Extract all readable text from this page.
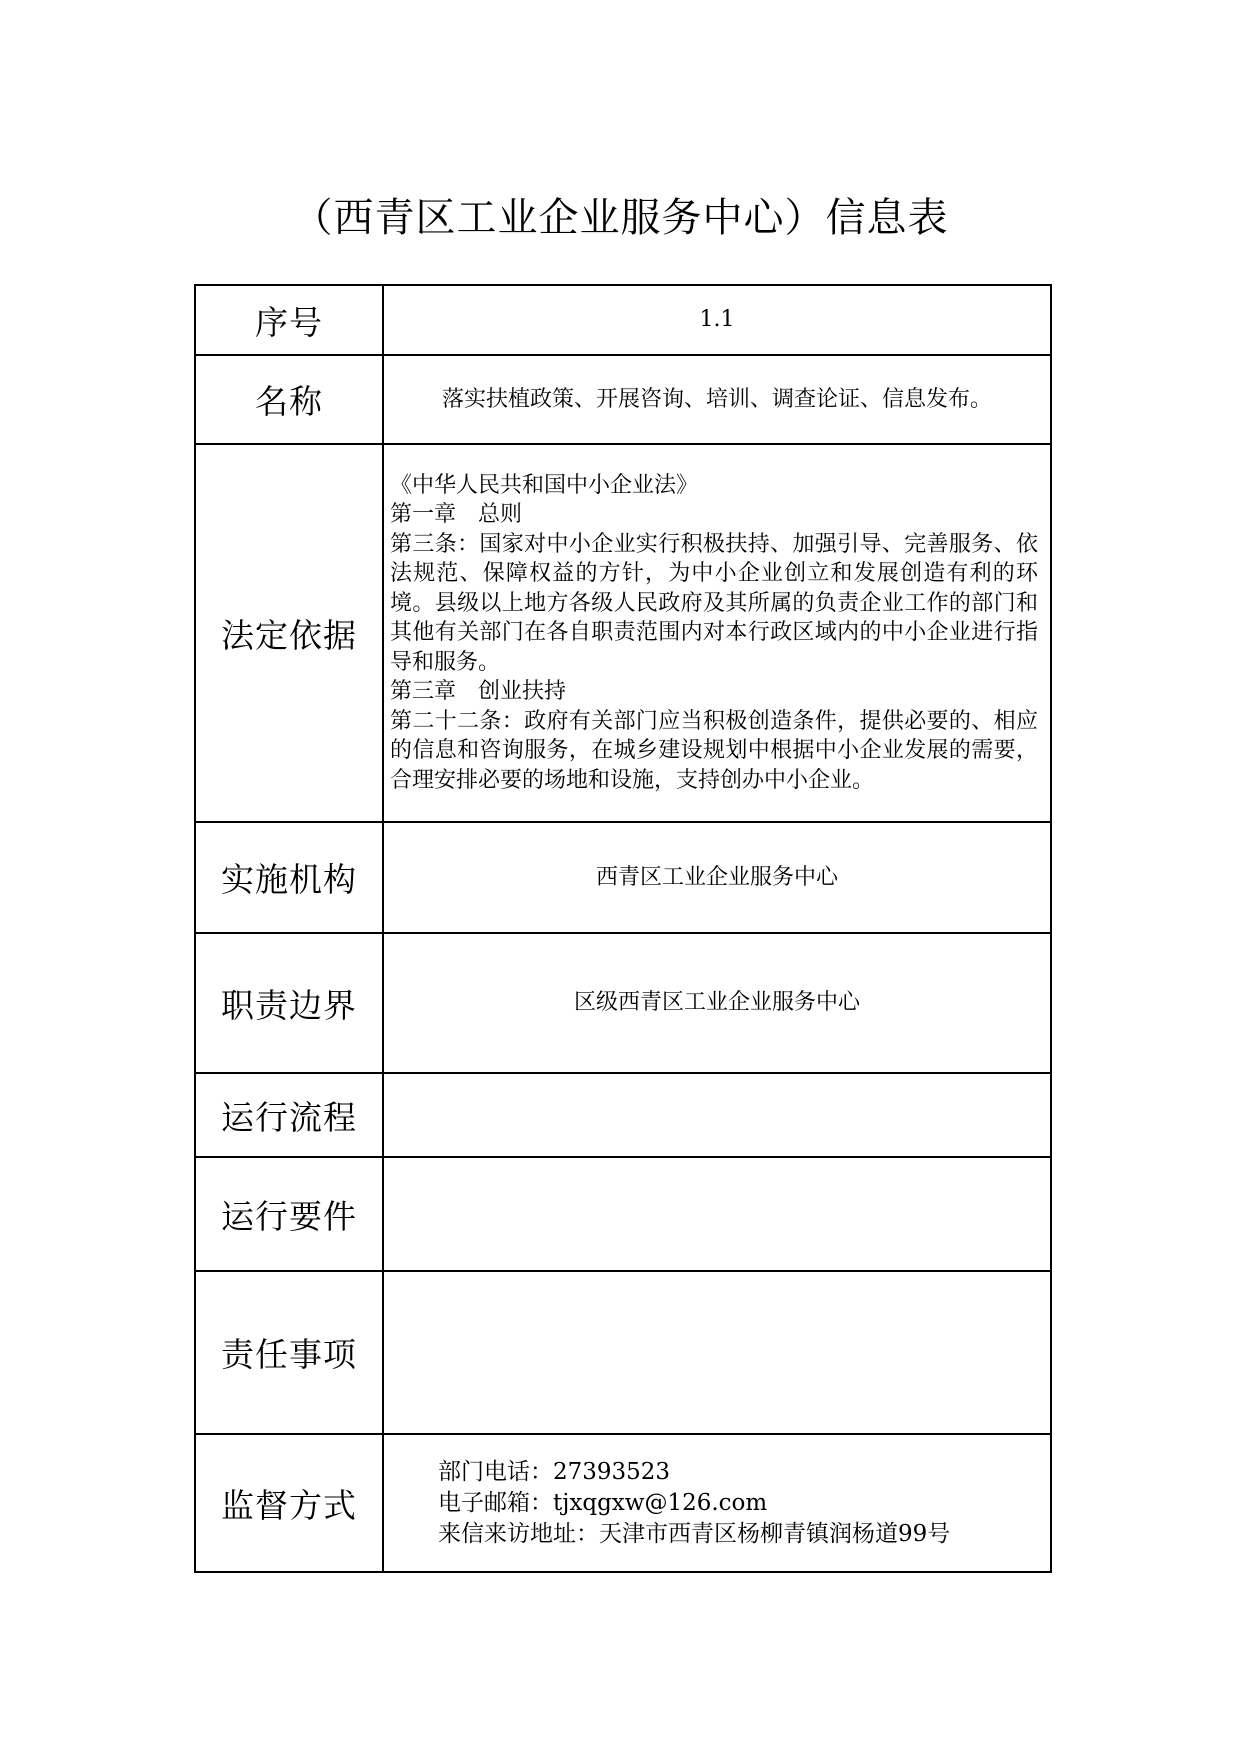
（西青区工业企业服务中心）信息表
序号	1.1
名称	落实扶植政策、开展咨询、培训、调查论证、信息发布。
法定依据	《中华人民共和国中小企业法》
第一章　总则
第三条：国家对中小企业实行积极扶持、加强引导、完善服务、依法规范、保障权益的方针，为中小企业创立和发展创造有利的环境。县级以上地方各级人民政府及其所属的负责企业工作的部门和其他有关部门在各自职责范围内对本行政区域内的中小企业进行指导和服务。
第三章　创业扶持
第二十二条：政府有关部门应当积极创造条件，提供必要的、相应的信息和咨询服务，在城乡建设规划中根据中小企业发展的需要，合理安排必要的场地和设施，支持创办中小企业。

实施机构	西青区工业企业服务中心
职责边界	区级西青区工业企业服务中心
运行流程	
运行要件	
责任事项	
监督方式	部门电话：27393523
电子邮箱：tjxqgxw@126.com
来信来访地址：天津市西青区杨柳青镇润杨道99号
